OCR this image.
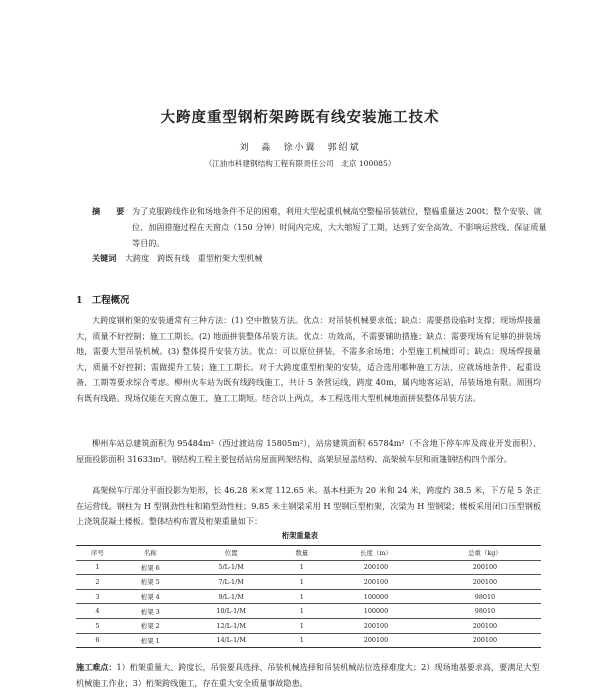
大跨度重型钢桁架跨既有线安装施工技术
刘　淼　徐小翼　郭绍斌
（江油市科建钢结构工程有限责任公司　北京 100085）
摘　要 为了克服跨线作业和场地条件不足的困难，利用大型起重机械高空整榀吊装就位，整榀重量达 200t；整个安装、就位、加固措施过程在天窗点（150 分钟）时间内完成，大大缩短了工期，达到了安全高效、不影响运营线、保证质量等目的。
关键词 大跨度　跨既有线　重型桁架大型机械
1　工程概况
大跨度钢桁架的安装通常有三种方法：(1) 空中散装方法。优点：对吊装机械要求低；缺点：需要搭设临时支撑；现场焊接量大，质量不好控制；施工工期长。(2) 地面拼装整体吊装方法。优点：功效高，不需要辅助措施；缺点：需要现场有足够的拼装场地，需要大型吊装机械。(3) 整体提升安装方法。优点：可以原位拼装，不需多余场地；小型施工机械即可；缺点：现场焊接量大，质量不好控制；需做提升工装；施工工期长。对于大跨度重型桁架的安装，适合选用哪种施工方法，应就场地条件、起重设备、工期等要求综合考虑。柳州火车站为既有线跨线施工，共计 5 条营运线，跨度 40m，属内地客运站，吊装场地有限。周围均有既有线路。现场仅能在天窗点施工，施工工期短。结合以上两点，本工程选用大型机械地面拼装整体吊装方法。
柳州车站总建筑面积为 95484m²（西过渡站房 15805m²），站房建筑面积 65784m²（不含地下停车库及商业开发面积）、屋面投影面积 31633m²。钢结构工程主要包括站房屋面网架结构、高架层屋盖结构、高架候车层和雨篷钢结构四个部分。
高架候车厅部分平面投影为矩形，长 46.28 米×宽 112.65 米。基本柱距为 20 米和 24 米，跨度约 38.5 米，下方是 5 条正在运营线。钢柱为 H 型钢劲性柱和箱型劲性柱；9.85 米主钢梁采用 H 型钢巨型桁架，次梁为 H 型钢梁；楼板采用闭口压型钢板上浇筑混凝土楼板。整体结构布置及桁架重量如下：
桁架重量表
序号	名称	位置	数量	长度（m）	总重（kg）
1	桁架 6	5/L-1/M	1	200100	200100
2	桁架 5	7/L-1/M	1	200100	200100
3	桁架 4	9/L-1/M	1	100000	98010
4	桁架 3	10/L-1/M	1	100000	98010
5	桁架 2	12/L-1/M	1	200100	200100
6	桁架 1	14/L-1/M	1	200100	200100
施工难点：1）桁架重量大、跨度长，吊装要具选择、吊装机械选择和吊装机械站位选择难度大；2）现场地基要求高，要满足大型机械施工作业；3）桁架跨线施工，存在重大安全质量事故隐患。
